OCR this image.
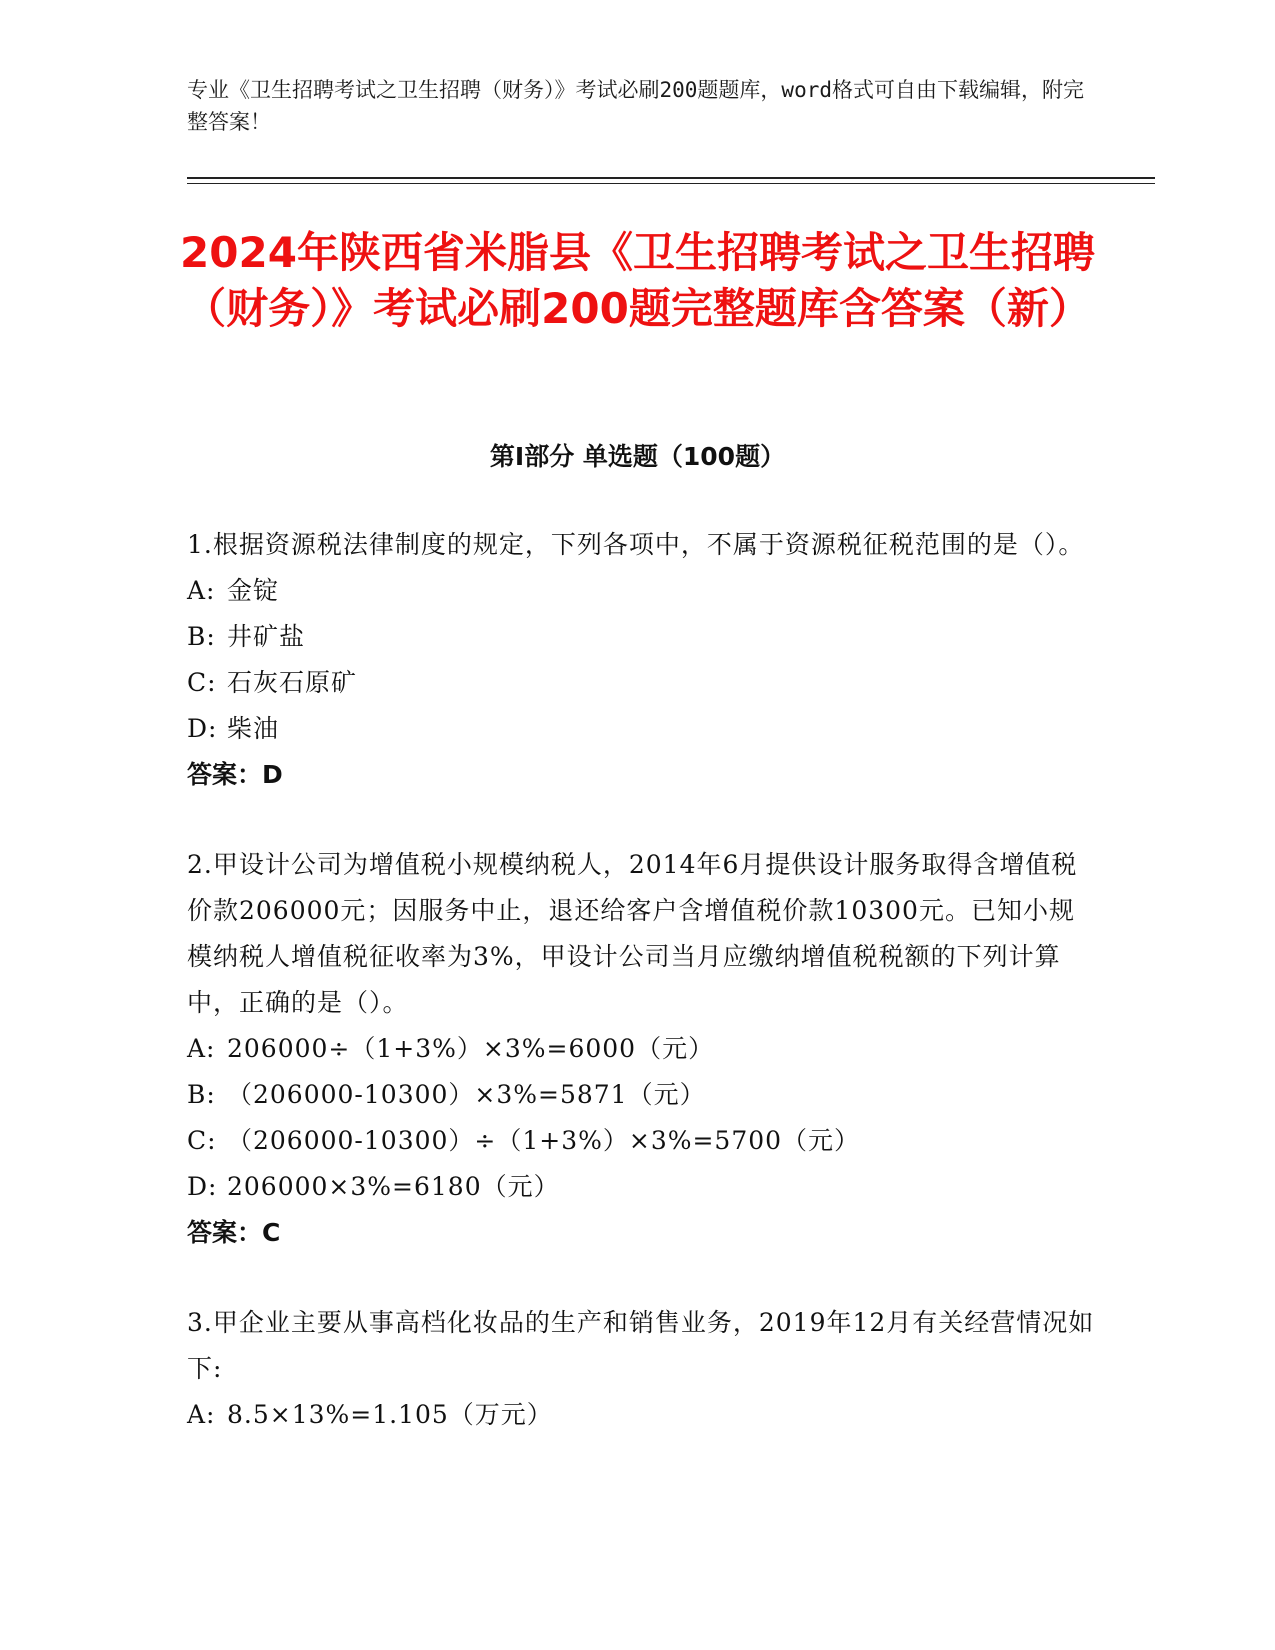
专业《卫生招聘考试之卫生招聘（财务）》考试必刷200题题库，word格式可自由下载编辑，附完整答案！
2024年陕西省米脂县《卫生招聘考试之卫生招聘（财务）》考试必刷200题完整题库含答案（新）
第I部分 单选题（100题）
1.根据资源税法律制度的规定，下列各项中，不属于资源税征税范围的是（）。
A: 金锭
B: 井矿盐
C: 石灰石原矿
D: 柴油
答案：D
2.甲设计公司为增值税小规模纳税人，2014年6月提供设计服务取得含增值税价款206000元；因服务中止，退还给客户含增值税价款10300元。已知小规模纳税人增值税征收率为3%，甲设计公司当月应缴纳增值税税额的下列计算中，正确的是（）。
A: 206000÷（1+3%）×3%=6000（元）
B: （206000-10300）×3%=5871（元）
C: （206000-10300）÷（1+3%）×3%=5700（元）
D: 206000×3%=6180（元）
答案：C
3.甲企业主要从事高档化妆品的生产和销售业务，2019年12月有关经营情况如下:
A: 8.5×13%=1.105（万元）
